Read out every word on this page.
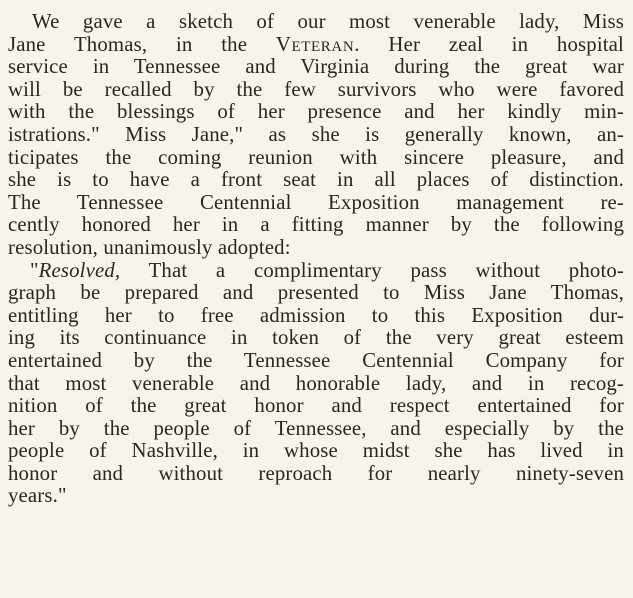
We gave a sketch of our most venerable lady, Miss
Jane Thomas, in the Veteran. Her zeal in hospital
service in Tennessee and Virginia during the great war
will be recalled by the few survivors who were favored
with the blessings of her presence and her kindly min-
istrations." Miss Jane," as she is generally known, an-
ticipates the coming reunion with sincere pleasure, and
she is to have a front seat in all places of distinction.
The Tennessee Centennial Exposition management re-
cently honored her in a fitting manner by the following
resolution, unanimously adopted:
"Resolved, That a complimentary pass without photo-
graph be prepared and presented to Miss Jane Thomas,
entitling her to free admission to this Exposition dur-
ing its continuance in token of the very great esteem
entertained by the Tennessee Centennial Company for
that most venerable and honorable lady, and in recog-
nition of the great honor and respect entertained for
her by the people of Tennessee, and especially by the
people of Nashville, in whose midst she has lived in
honor and without reproach for nearly ninety-seven
years."
